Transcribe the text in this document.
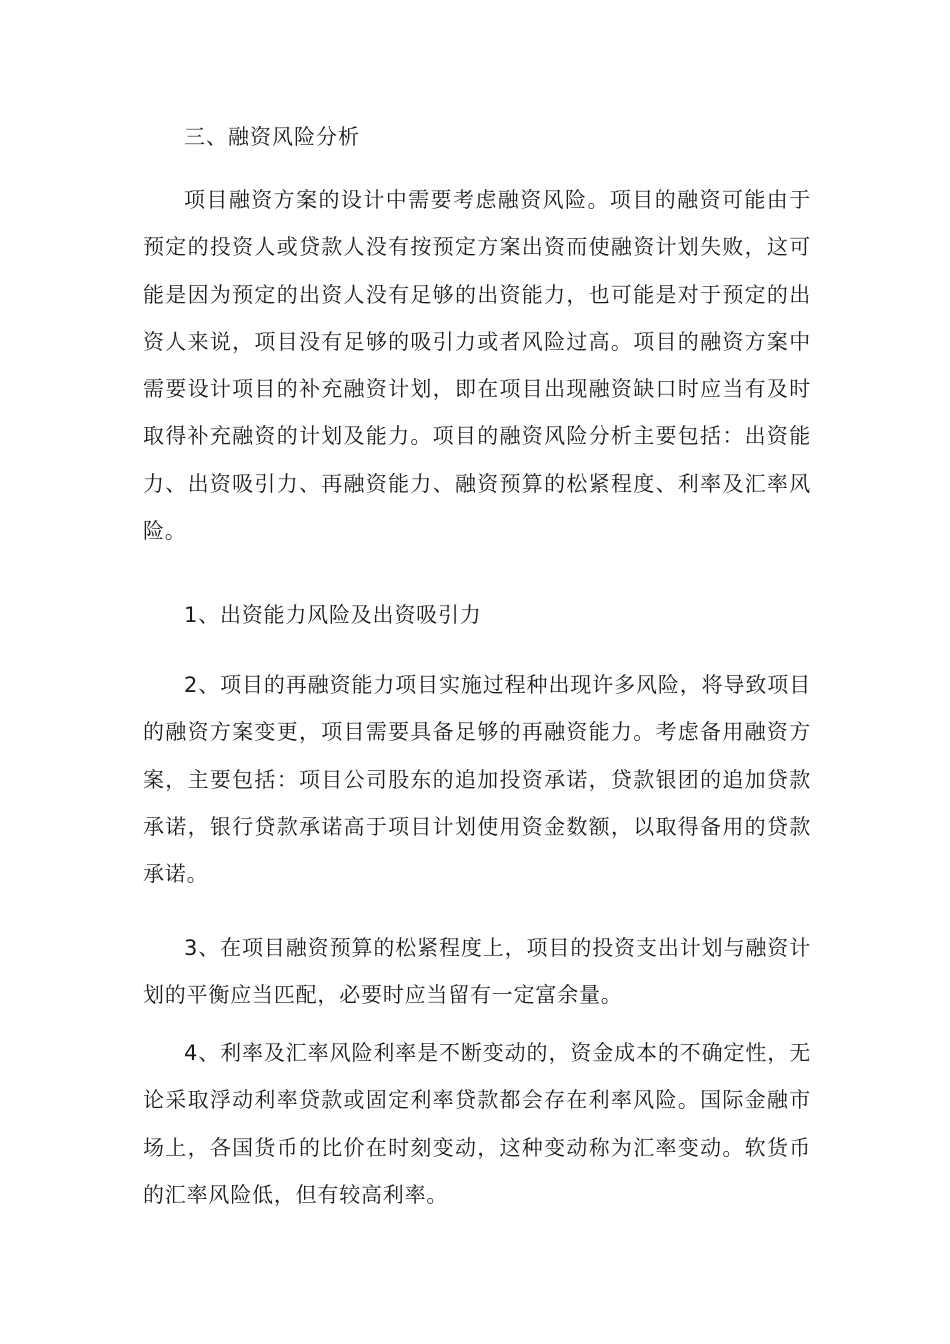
三、融资风险分析

项目融资方案的设计中需要考虑融资风险。项目的融资可能由于预定的投资人或贷款人没有按预定方案出资而使融资计划失败，这可能是因为预定的出资人没有足够的出资能力，也可能是对于预定的出资人来说，项目没有足够的吸引力或者风险过高。项目的融资方案中需要设计项目的补充融资计划，即在项目出现融资缺口时应当有及时取得补充融资的计划及能力。项目的融资风险分析主要包括：出资能力、出资吸引力、再融资能力、融资预算的松紧程度、利率及汇率风险。

1、出资能力风险及出资吸引力

2、项目的再融资能力项目实施过程种出现许多风险，将导致项目的融资方案变更，项目需要具备足够的再融资能力。考虑备用融资方案，主要包括：项目公司股东的追加投资承诺，贷款银团的追加贷款承诺，银行贷款承诺高于项目计划使用资金数额，以取得备用的贷款承诺。

3、在项目融资预算的松紧程度上，项目的投资支出计划与融资计划的平衡应当匹配，必要时应当留有一定富余量。

4、利率及汇率风险利率是不断变动的，资金成本的不确定性，无论采取浮动利率贷款或固定利率贷款都会存在利率风险。国际金融市场上，各国货币的比价在时刻变动，这种变动称为汇率变动。软货币的汇率风险低，但有较高利率。
